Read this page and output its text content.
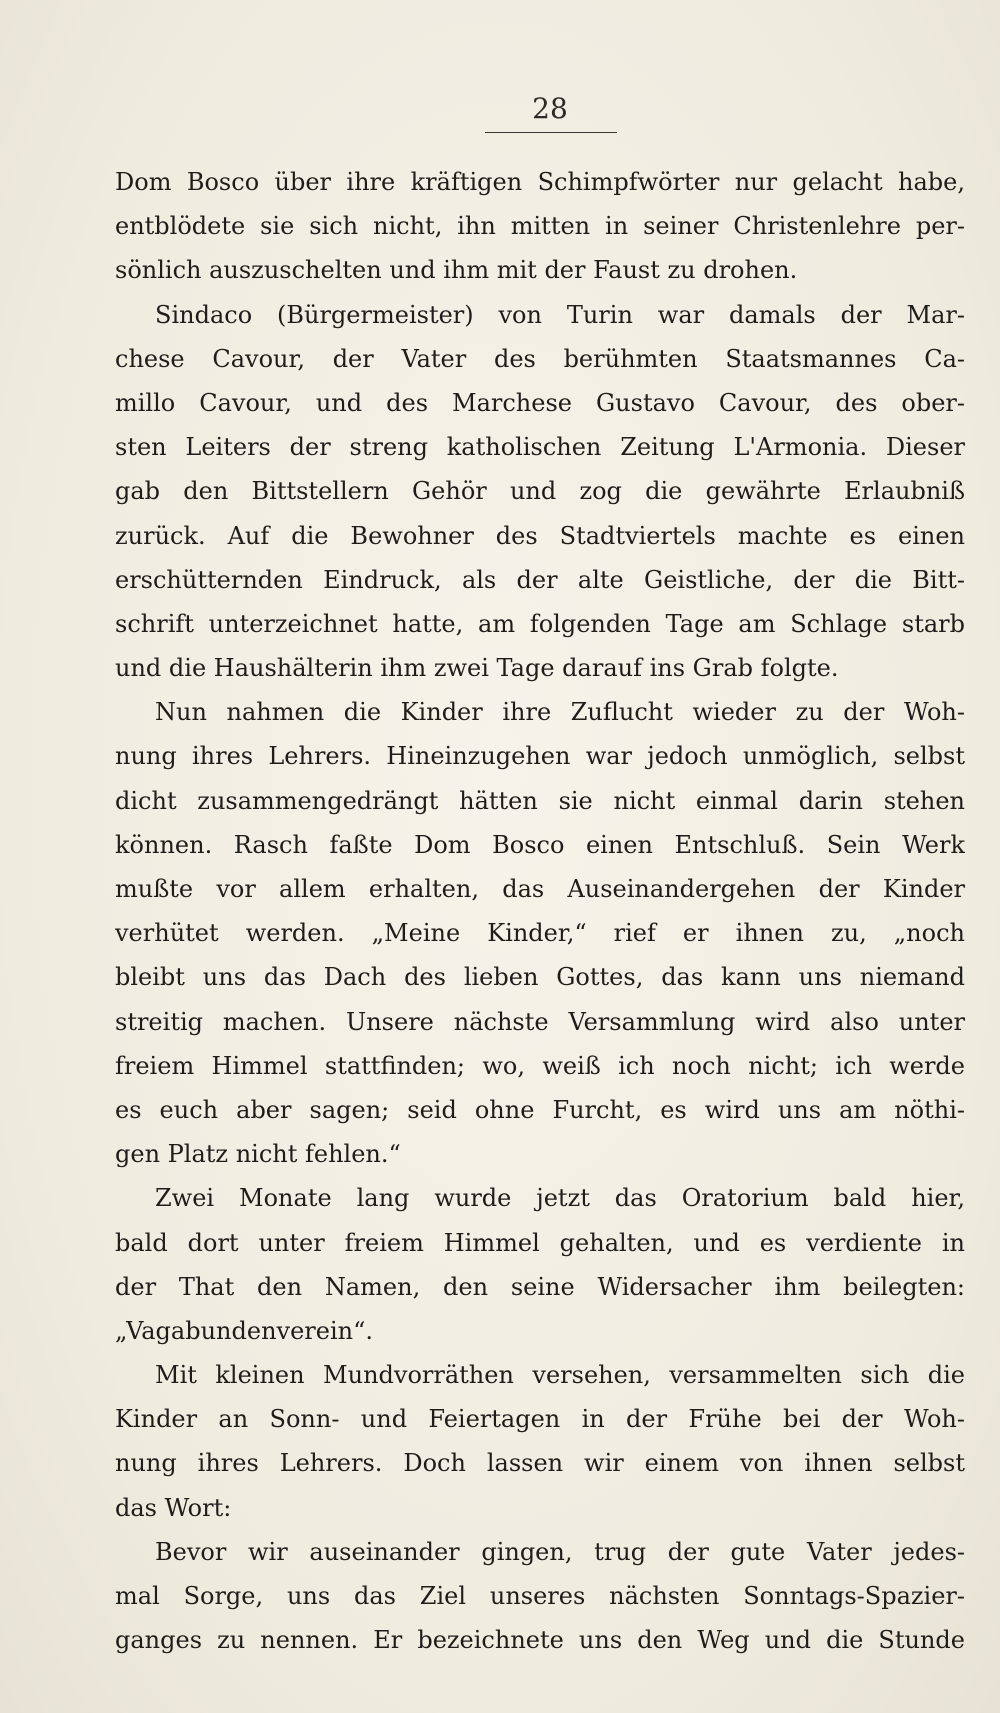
28
Dom Bosco über ihre kräftigen Schimpfwörter nur gelacht habe,
entblödete sie sich nicht, ihn mitten in seiner Christenlehre per-
sönlich auszuschelten und ihm mit der Faust zu drohen.
Sindaco (Bürgermeister) von Turin war damals der Mar-
chese Cavour, der Vater des berühmten Staatsmannes Ca-
millo Cavour, und des Marchese Gustavo Cavour, des ober-
sten Leiters der streng katholischen Zeitung L'Armonia. Dieser
gab den Bittstellern Gehör und zog die gewährte Erlaubniß
zurück. Auf die Bewohner des Stadtviertels machte es einen
erschütternden Eindruck, als der alte Geistliche, der die Bitt-
schrift unterzeichnet hatte, am folgenden Tage am Schlage starb
und die Haushälterin ihm zwei Tage darauf ins Grab folgte.
Nun nahmen die Kinder ihre Zuflucht wieder zu der Woh-
nung ihres Lehrers. Hineinzugehen war jedoch unmöglich, selbst
dicht zusammengedrängt hätten sie nicht einmal darin stehen
können. Rasch faßte Dom Bosco einen Entschluß. Sein Werk
mußte vor allem erhalten, das Auseinandergehen der Kinder
verhütet werden. „Meine Kinder,“ rief er ihnen zu, „noch
bleibt uns das Dach des lieben Gottes, das kann uns niemand
streitig machen. Unsere nächste Versammlung wird also unter
freiem Himmel stattfinden; wo, weiß ich noch nicht; ich werde
es euch aber sagen; seid ohne Furcht, es wird uns am nöthi-
gen Platz nicht fehlen.“
Zwei Monate lang wurde jetzt das Oratorium bald hier,
bald dort unter freiem Himmel gehalten, und es verdiente in
der That den Namen, den seine Widersacher ihm beilegten:
„Vagabundenverein“.
Mit kleinen Mundvorräthen versehen, versammelten sich die
Kinder an Sonn- und Feiertagen in der Frühe bei der Woh-
nung ihres Lehrers. Doch lassen wir einem von ihnen selbst
das Wort:
Bevor wir auseinander gingen, trug der gute Vater jedes-
mal Sorge, uns das Ziel unseres nächsten Sonntags-Spazier-
ganges zu nennen. Er bezeichnete uns den Weg und die Stunde
